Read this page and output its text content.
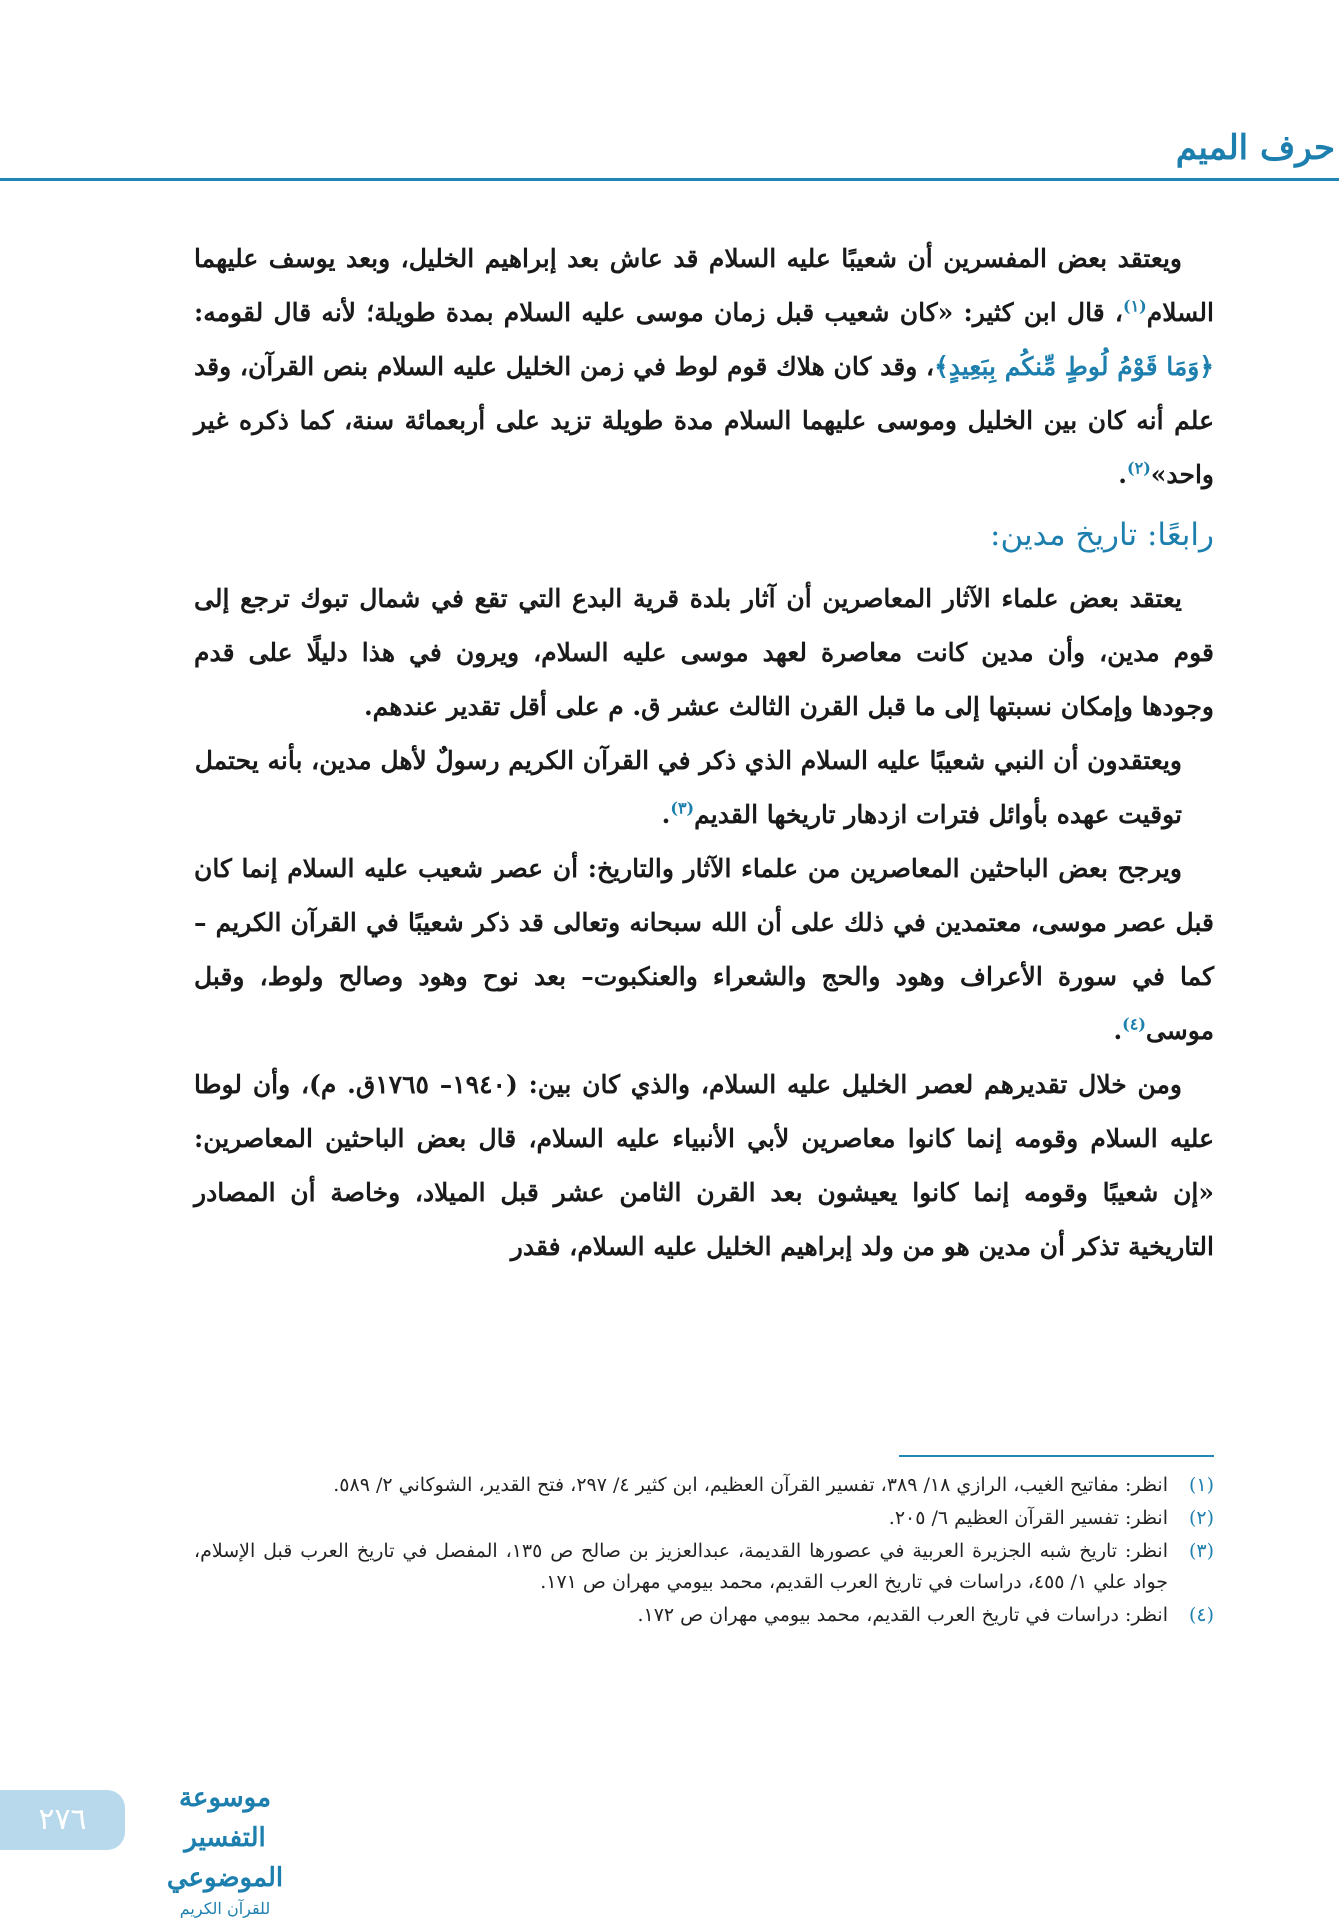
حرف الميم

ويعتقد بعض المفسرين أن شعيبًا عليه السلام قد عاش بعد إبراهيم الخليل، وبعد يوسف عليهما السلام$^{(١)}$، قال ابن كثير: «كان شعيب قبل زمان موسى عليه السلام بمدة طويلة؛ لأنه قال لقومه: ﴿وَمَا قَوْمُ لُوطٍ مِّنكُم بِبَعِيدٍ﴾، وقد كان هلاك قوم لوط في زمن الخليل عليه السلام بنص القرآن، وقد علم أنه كان بين الخليل وموسى عليهما السلام مدة طويلة تزيد على أربعمائة سنة، كما ذكره غير واحد»$^{(٢)}$.

رابعًا: تاريخ مدين:

يعتقد بعض علماء الآثار المعاصرين أن آثار بلدة قرية البدع التي تقع في شمال تبوك ترجع إلى قوم مدين، وأن مدين كانت معاصرة لعهد موسى عليه السلام، ويرون في هذا دليلًا على قدم وجودها وإمكان نسبتها إلى ما قبل القرن الثالث عشر ق. م على أقل تقدير عندهم.

ويعتقدون أن النبي شعيبًا عليه السلام الذي ذكر في القرآن الكريم رسولٌ لأهل مدين، بأنه يحتمل

توقيت عهده بأوائل فترات ازدهار تاريخها القديم$^{(٣)}$.

ويرجح بعض الباحثين المعاصرين من علماء الآثار والتاريخ: أن عصر شعيب عليه السلام إنما كان قبل عصر موسى، معتمدين في ذلك على أن الله سبحانه وتعالى قد ذكر شعيبًا في القرآن الكريم – كما في سورة الأعراف وهود والحج والشعراء والعنكبوت– بعد نوح وهود وصالح ولوط، وقبل موسى$^{(٤)}$.

ومن خلال تقديرهم لعصر الخليل عليه السلام، والذي كان بين: (١٩٤٠– ١٧٦٥ق. م)، وأن لوطا عليه السلام وقومه إنما كانوا معاصرين لأبي الأنبياء عليه السلام، قال بعض الباحثين المعاصرين: «إن شعيبًا وقومه إنما كانوا يعيشون بعد القرن الثامن عشر قبل الميلاد، وخاصة أن المصادر التاريخية تذكر أن مدين هو من ولد إبراهيم الخليل عليه السلام، فقدر

(١)
انظر: مفاتيح الغيب، الرازي ١٨/ ٣٨٩، تفسير القرآن العظيم، ابن كثير ٤/ ٢٩٧، فتح القدير، الشوكاني ٢/ ٥٨٩.
(٢)
انظر: تفسير القرآن العظيم ٦/ ٢٠٥.
(٣)
انظر: تاريخ شبه الجزيرة العربية في عصورها القديمة، عبدالعزيز بن صالح ص ١٣٥، المفصل في تاريخ العرب قبل الإسلام، جواد علي ١/ ٤٥٥، دراسات في تاريخ العرب القديم، محمد بيومي مهران ص ١٧١.
(٤)
انظر: دراسات في تاريخ العرب القديم، محمد بيومي مهران ص ١٧٢.
٢٧٦
موسوعة التفسير الموضوعي
للقرآن الكريم
